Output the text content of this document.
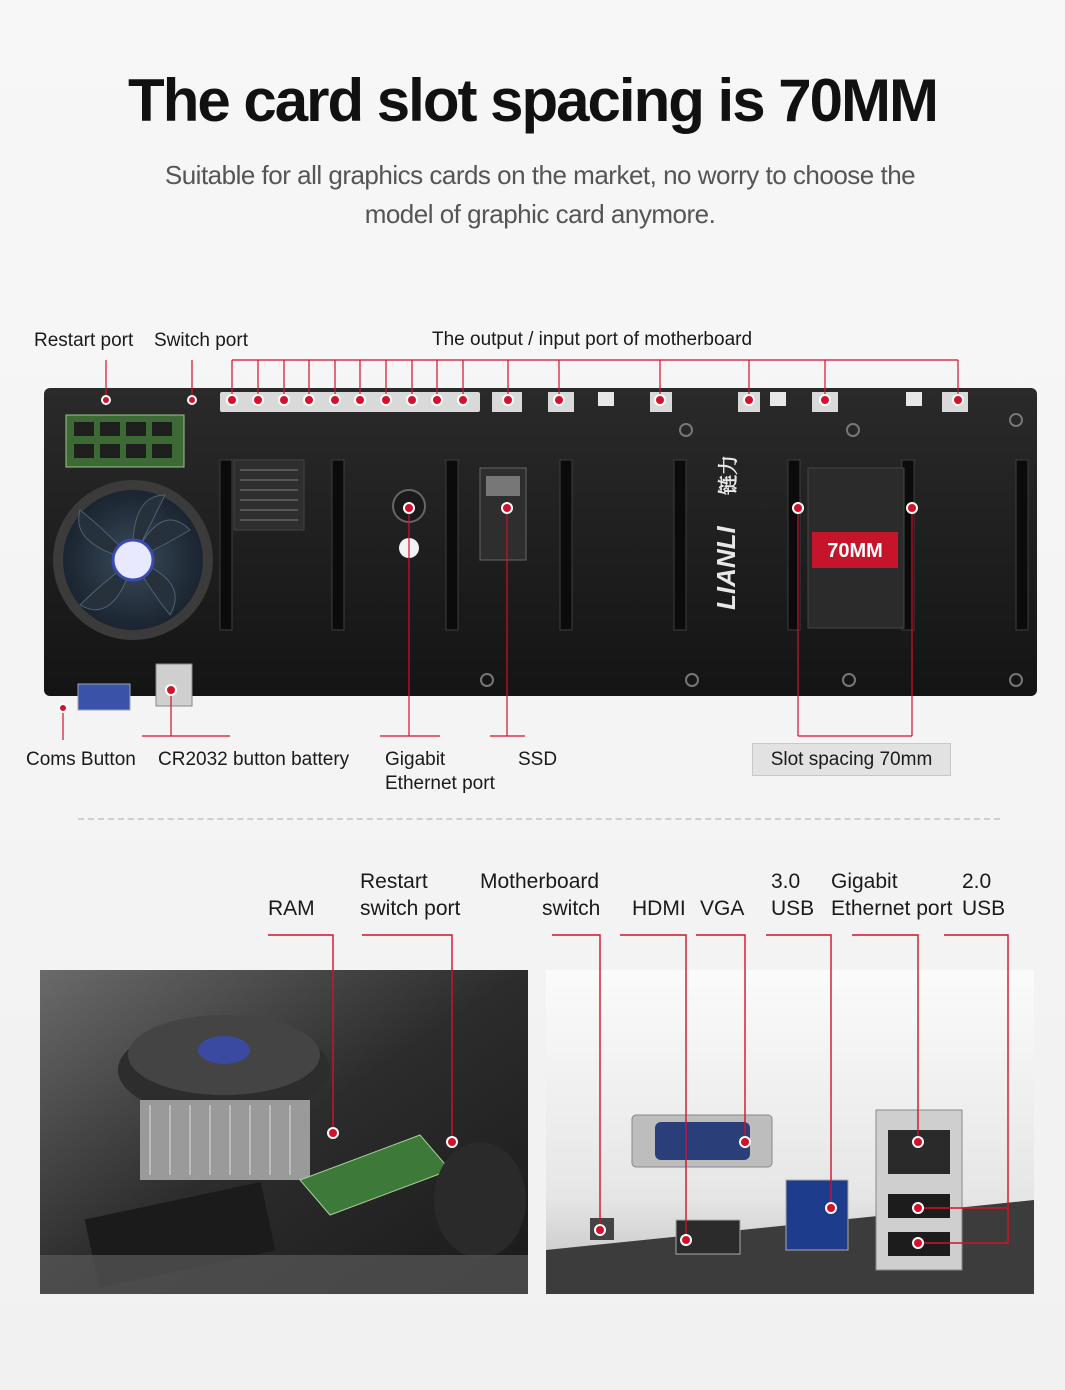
The card slot spacing is 70MM

Suitable for all graphics cards on the market, no worry to choose the
model of graphic card anymore.

LIANLI
链力
70MM
Restart port Switch port	The output / input port of motherboard
Coms Button CR2032 button battery Gigabit
Ethernet port
SSD	Slot spacing 70mm
RAM
Restart
switch port
Motherboard
switch HDMI VGA
3.0
USB
Gigabit
Ethernet port
2.0
USB
